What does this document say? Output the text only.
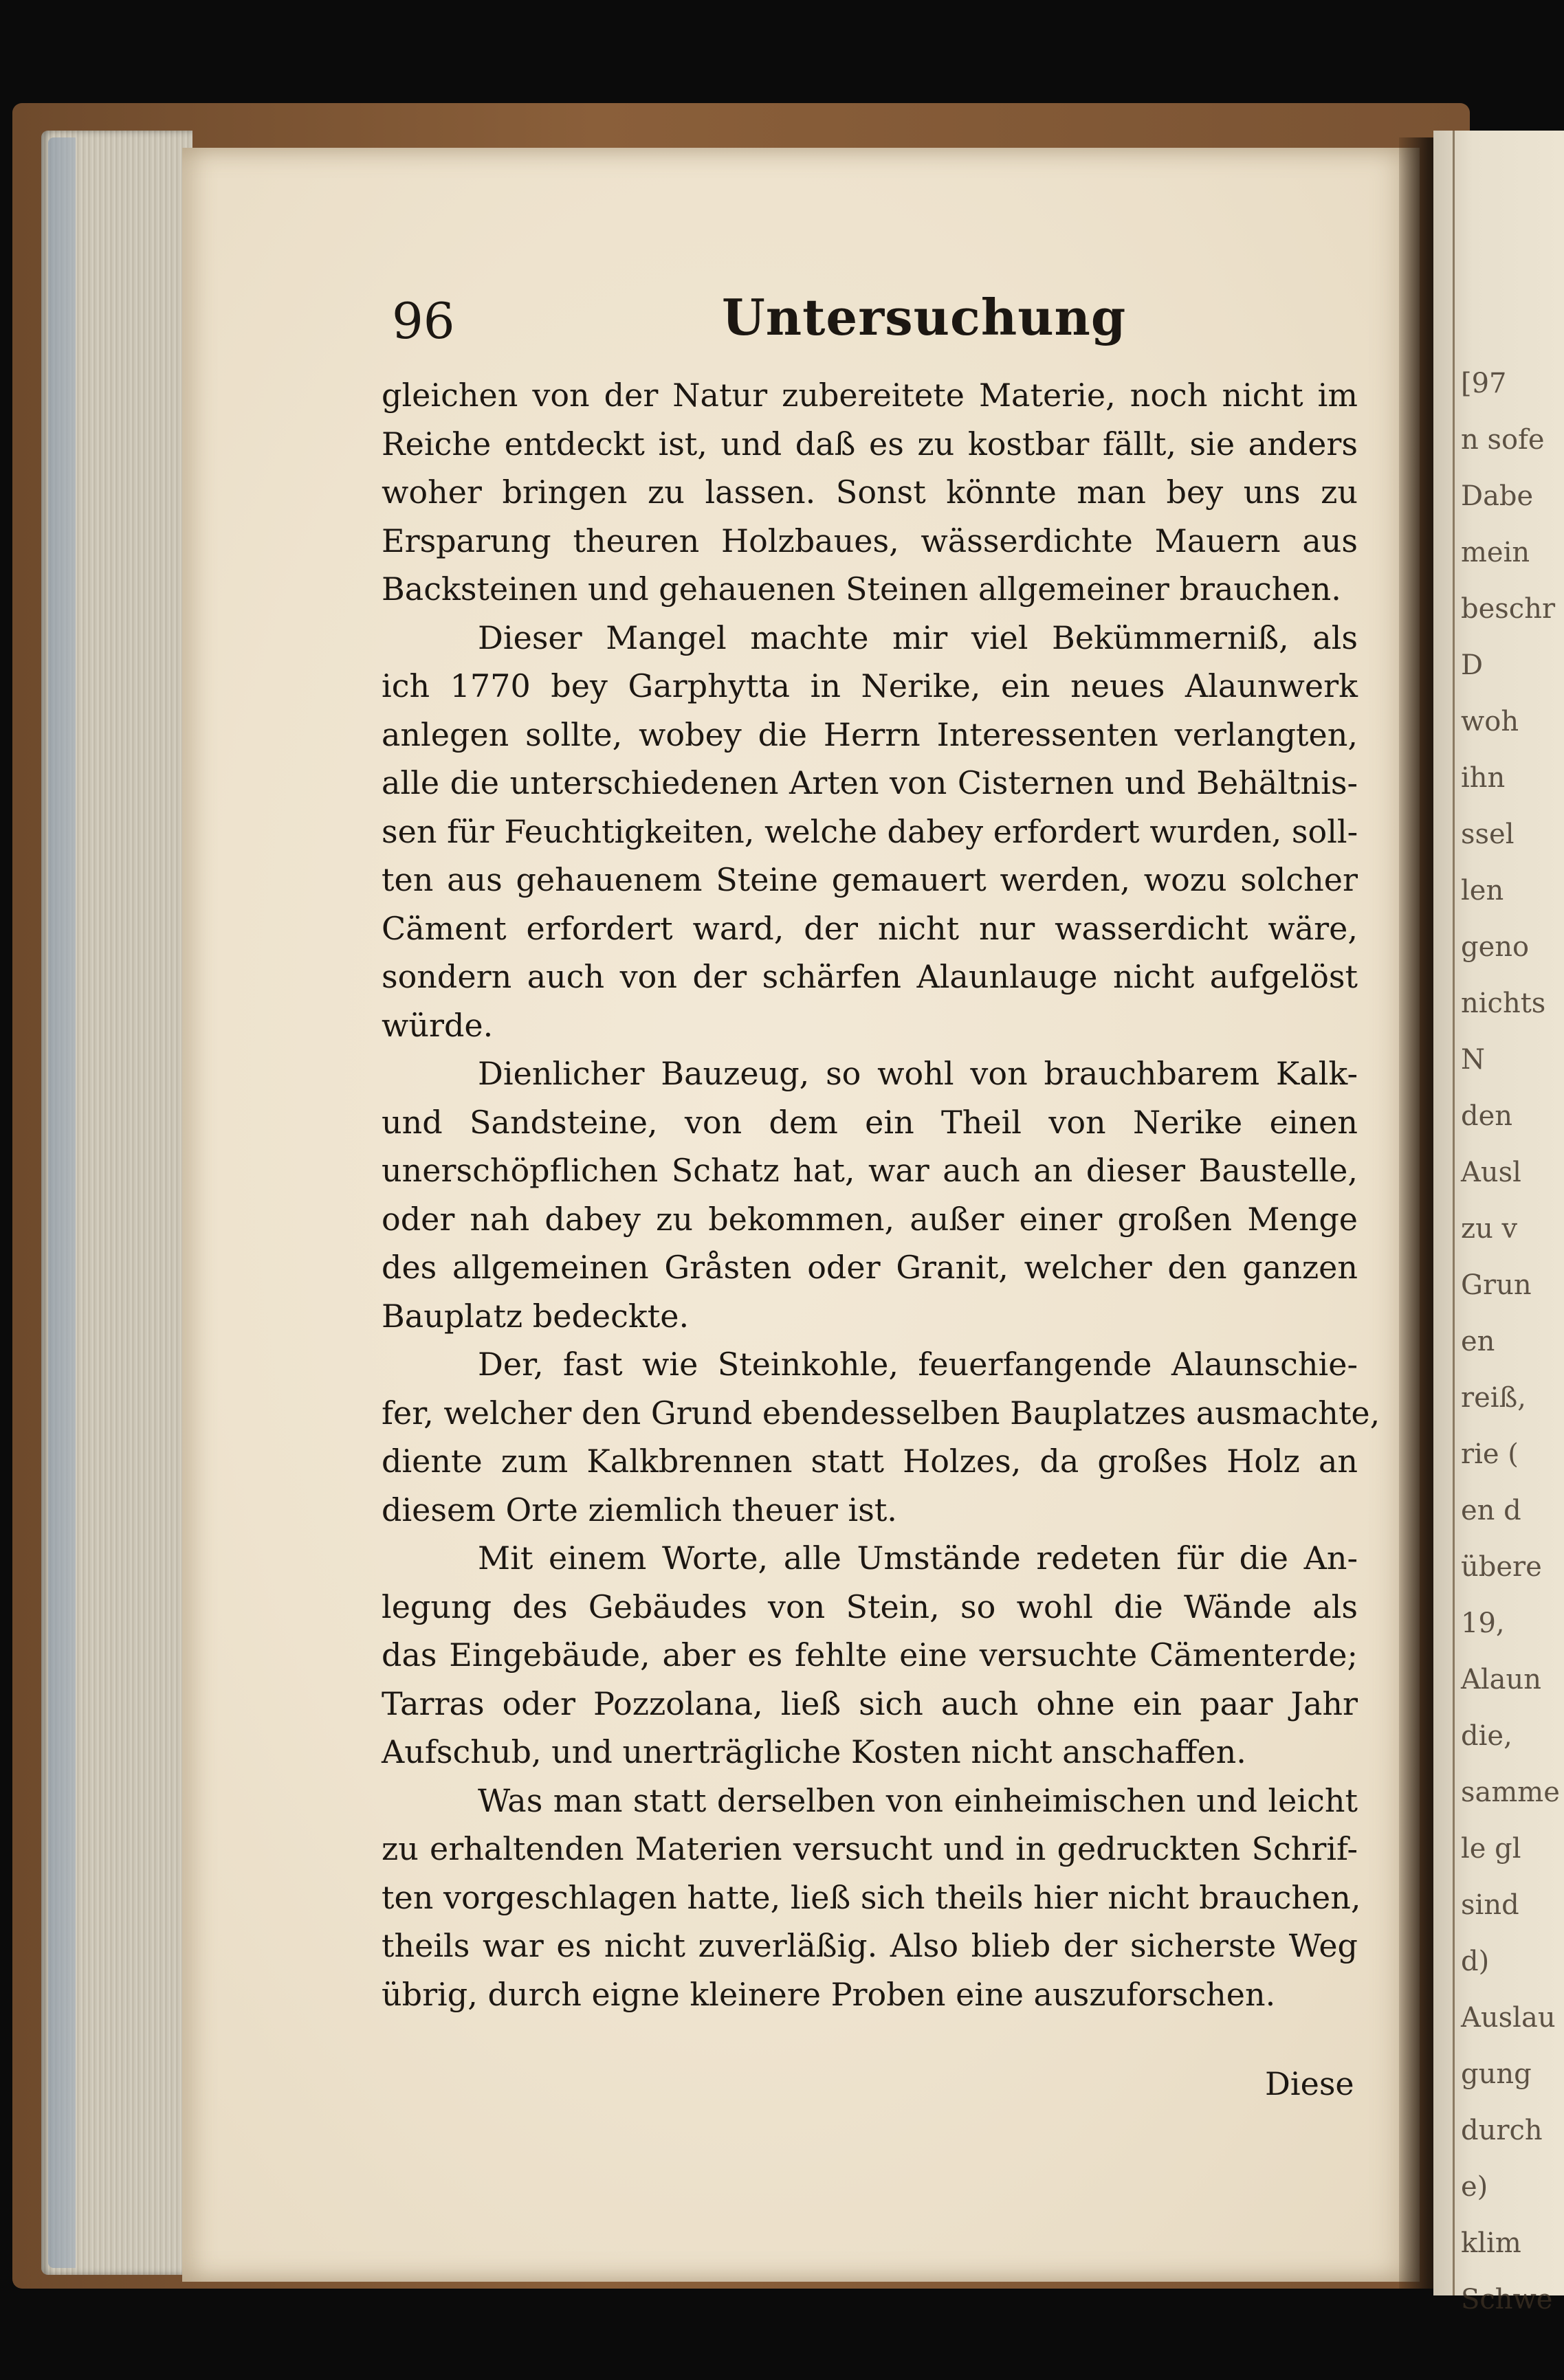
[97
n sofe
Dabe
mein
beschr
D
woh
ihn
ssel
len
geno
nichts
N
den
Ausl
zu v
Grun
en
reiß,
rie (
en d
übere
19,
Alaun
die,
samme
le gl
sind
d)
Auslau
gung
durch
e)
klim
Schwe
96	Untersuchung
gleichen von der Natur zubereitete Materie, noch nicht im
Reiche entdeckt ist, und daß es zu kostbar fällt, sie anders
woher bringen zu lassen. Sonst könnte man bey uns zu
Ersparung theuren Holzbaues, wässerdichte Mauern aus
Backsteinen und gehauenen Steinen allgemeiner brauchen.
Dieser Mangel machte mir viel Bekümmerniß, als
ich 1770 bey Garphytta in Nerike, ein neues Alaunwerk
anlegen sollte, wobey die Herrn Interessenten verlangten,
alle die unterschiedenen Arten von Cisternen und Behältnis-
sen für Feuchtigkeiten, welche dabey erfordert wurden, soll-
ten aus gehauenem Steine gemauert werden, wozu solcher
Cäment erfordert ward, der nicht nur wasserdicht wäre,
sondern auch von der schärfen Alaunlauge nicht aufgelöst
würde.
Dienlicher Bauzeug, so wohl von brauchbarem Kalk-
und Sandsteine, von dem ein Theil von Nerike einen
unerschöpflichen Schatz hat, war auch an dieser Baustelle,
oder nah dabey zu bekommen, außer einer großen Menge
des allgemeinen Gråsten oder Granit, welcher den ganzen
Bauplatz bedeckte.
Der, fast wie Steinkohle, feuerfangende Alaunschie-
fer, welcher den Grund ebendesselben Bauplatzes ausmachte,
diente zum Kalkbrennen statt Holzes, da großes Holz an
diesem Orte ziemlich theuer ist.
Mit einem Worte, alle Umstände redeten für die An-
legung des Gebäudes von Stein, so wohl die Wände als
das Eingebäude, aber es fehlte eine versuchte Cämenterde;
Tarras oder Pozzolana, ließ sich auch ohne ein paar Jahr
Aufschub, und unerträgliche Kosten nicht anschaffen.
Was man statt derselben von einheimischen und leicht
zu erhaltenden Materien versucht und in gedruckten Schrif-
ten vorgeschlagen hatte, ließ sich theils hier nicht brauchen,
theils war es nicht zuverläßig. Also blieb der sicherste Weg
übrig, durch eigne kleinere Proben eine auszuforschen.
Diese
